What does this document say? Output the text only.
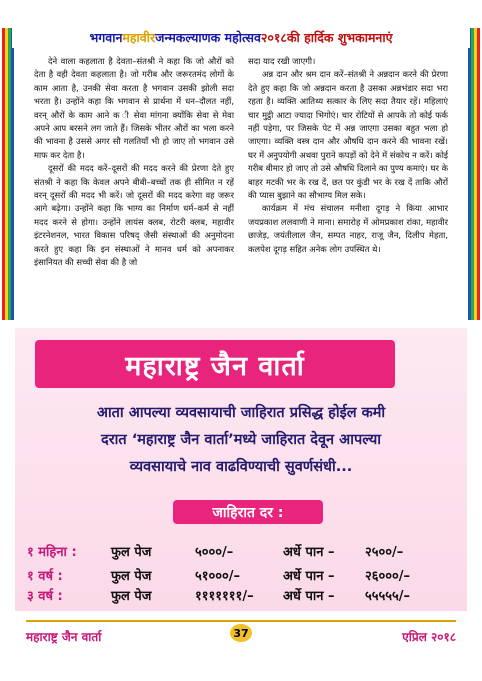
भगवान महावीर जन्मकल्याणक महोत्सव २०१८ की हार्दिक शुभकामनाएं

देने वाला कहलाता है देवता–संतश्री ने कहा कि जो औरों को देता है वही देवता कहलाता है। जो गरीब और जरूरतमंद लोगों के काम आता है, उनकी सेवा करता है भगवान उसकी झोली सदा भरता है। उन्होंने कहा कि भगवान से प्रार्थना में धन–दौलत नहीं, वरन् औरों के काम आने क ी सेवा मांगना क्योंकि सेवा से मेवा अपने आप बरसने लग जाते हैं। जिसके भीतर औरों का भला करने की भावना है उससे अगर सौ गलतियाँ भी हो जाए तो भगवान उसे माफ कर देता है।

दूसरों की मदद करें–दूसरों की मदद करने की प्रेरणा देते हुए संतश्री ने कहा कि केवल अपने बीबी–बच्चों तक ही सीमित न रहें वरन् दूसरों की मदद भी करें। जो दूसरों की मदद करेगा वह जरूर आगे बढ़ेगा। उन्होंने कहा कि भाग्य का निर्माण धर्म–कर्म से नहीं मदद करने से होगा। उन्होंने लायंस क्लब, रोटरी क्लब, महावीर इंटरनेशनल, भारत विकास परिषद् जैसी संस्थाओं की अनुमोदना करते हुए कहा कि इन संस्थाओं ने मानव धर्म को अपनाकर इंसानियत की सच्ची सेवा की है जो

सदा याद रखी जाएगी।

अन्न दान और श्रम दान करें–संतश्री ने अन्नदान करने की प्रेरणा देते हुए कहा कि जो अन्नदान करता है उसका अन्नभंडार सदा भरा रहता है। व्यक्ति आतिथ्य सत्कार के लिए सदा तैयार रहें। महिलाएं चार मुट्ठी आटा ज्यादा भिगोएं। चार रोटियों से आपके तो कोई फर्क नहीं पड़ेगा, पर जिसके पेट में अन्न जाएगा उसका बहुत भला हो जाएगा। व्यक्ति वस्त्र दान और औषधि दान करने की भावना रखें। घर में अनुपयोगी अथवा पुराने कपड़ों को देने में संकोच न करें। कोई गरीब बीमार हो जाए तो उसे औषधि दिलाने का पुण्य कमाएं। घर के बाहर मटकी भर के रख दें, छत पर कुंडी भर के रख दें ताकि औरों की प्यास बुझाने का सौभाग्य मिल सके।

कार्यक्रम में मंच संचालन मनीशा दूगड़ ने किया आभार जयप्रकाश ललवाणी ने माना। समारोह में ओमप्रकाश रांका, महावीर छाजेड़, जयंतीलाल जैन, सम्पत नाहर, राजू जैन, दिलीप मेहता, कलपेश दूगड़ सहित अनेक लोग उपस्थित थे।

महाराष्ट्र जैन वार्ता
आता आपल्या व्यवसायाची जाहिरात प्रसिद्ध होईल कमी
दरात ‘महाराष्ट्र जैन वार्ता’मध्ये जाहिरात देवून आपल्या
व्यवसायाचे नाव वाढविण्याची सुवर्णसंधी...
जाहिरात दर :
१ महिना :	फुल पेज	५०००/–	अर्धे पान – २५००/–
१ वर्ष :	फुल पेज	५१०००/–	अर्धे पान – २६०००/–
३ वर्ष :	फुल पेज	१११११११/– अर्धे पान – ५५५५५/–
महाराष्ट्र जैन वार्ता	37	एप्रिल २०१८
